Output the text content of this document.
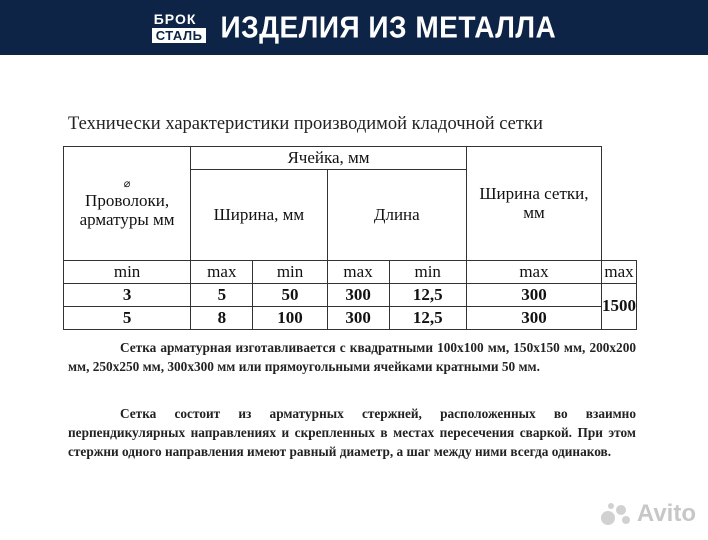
БРОК
СТАЛЬ ИЗДЕЛИЯ ИЗ МЕТАЛЛА
Технически характеристики производимой кладочной сетки
⌀
Проволоки, арматуры мм	Ячейка, мм				Ширина сетки, мм	
	Ширина, мм		Длина			
min	max	min	max	min	max	max
3	5	50	300	12,5	300	1500
5	8	100	300	12,5	300	

Сетка арматурная изготавливается с квадратными 100х100 мм, 150х150 мм, 200х200 мм, 250х250 мм, 300х300 мм или прямоугольными ячейками кратными 50 мм.

Сетка состоит из арматурных стержней, расположенных во взаимно перпендикулярных направлениях и скрепленных в местах пересечения сваркой. При этом стержни одного направления имеют равный диаметр, а шаг между ними всегда одинаков.

Avito
